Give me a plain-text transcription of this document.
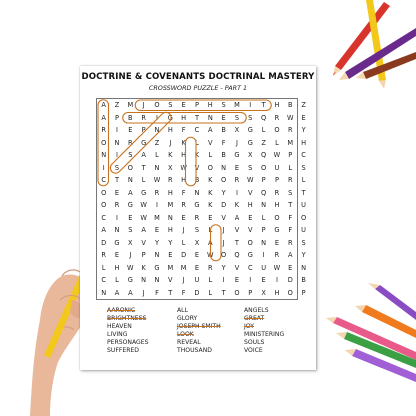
DOCTRINE & COVENANTS DOCTRINAL MASTERY
CROSSWORD PUZZLE - PART 1
A	Z	M	J	O	S	E	P	H	S	M	I	T	H	B	Z
A	P	B	R	I	G	H	T	N	E	S	S	Q	R	W	E
R	I	E	P	N	H	F	C	A	B	X	G	L	O	R	Y
O	N	R	G	Z	J	K	L	V	F	J	G	Z	L	M	H
N	I	S	A	L	K	H	K	L	B	G	X	Q	W	P	C
I	S	O	T	N	X	W	V	O	N	E	S	O	U	L	S
C	T	N	L	W	R	H	B	K	O	R	W	P	P	R	L
O	E	A	G	R	H	F	N	K	Y	I	V	Q	R	S	T
O	R	G	W	I	M	R	G	K	D	K	H	N	H	T	U
C	I	E	W	M	N	E	R	E	V	A	E	L	O	F	O
A	N	S	A	E	H	J	S	L	J	V	V	P	G	F	U
D	G	X	V	Y	Y	L	X	A	J	T	O	N	E	R	S
R	E	J	P	N	E	D	E	W	O	Q	G	I	R	A	Y
L	H	W	K	G	M	M	E	R	Y	V	C	U	W	E	N
C	L	G	N	N	V	J	U	L	I	E	I	E	I	D	B
N	A	A	J	F	T	F	D	L	T	O	P	X	H	O	P
AARONIC	ALL	ANGELS
BRIGHTNESS	GLORY	GREAT
HEAVEN	JOSEPH SMITH	JOY
LIVING	LOOK	MINISTERING
PERSONAGES	REVEAL	SOULS
SUFFERED	THOUSAND	VOICE
